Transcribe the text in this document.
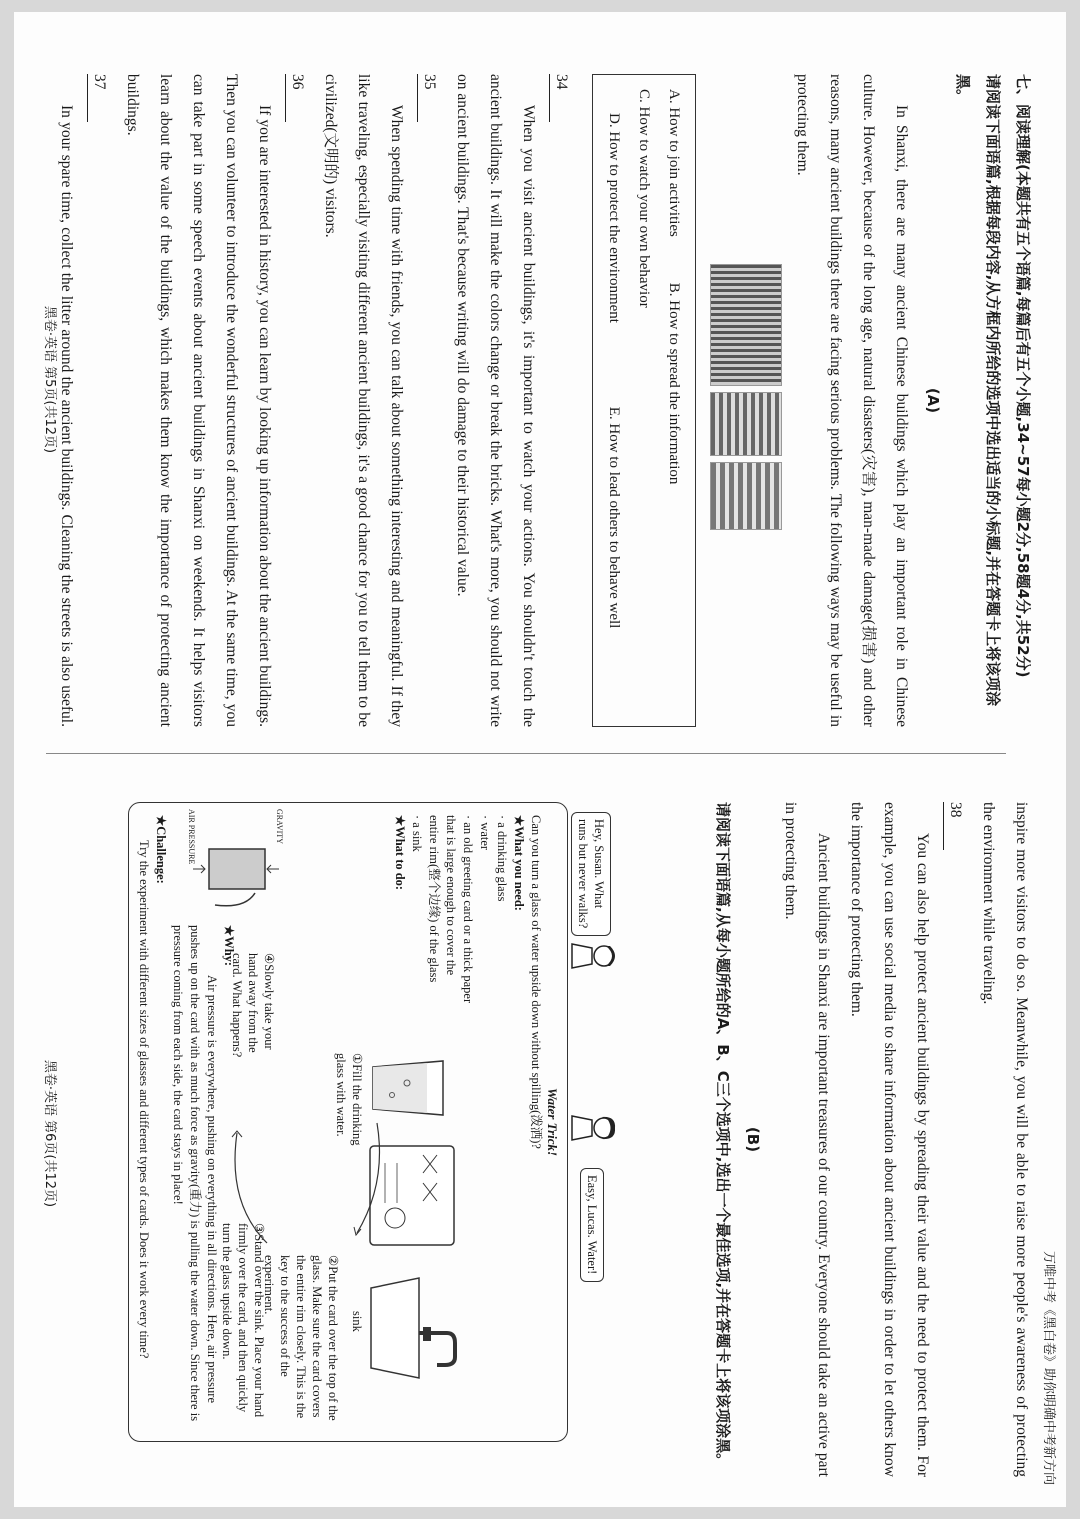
万唯中考《黑白卷》助你明确中考新方向
七、阅读理解(本题共有五个语篇,每篇后有五个小题,34~57每小题2分,58题4分,共52分)
请阅读下面语篇,根据每段内容,从方框内所给的选项中选出适当的小标题,并在答题卡上将该项涂黑。
(A)

In Shanxi, there are many ancient Chinese buildings which play an important role in Chinese culture. However, because of the long age, natural disasters(灾害), man-made damage(损害) and other reasons, many ancient buildings there are facing serious problems. The following ways may be useful in protecting them.

A. How to join activities B. How to spread the information C. How to watch your own behavior
D. How to protect the environment E. How to lead others to behave well
34

When you visit ancient buildings, it's important to watch your actions. You shouldn't touch the ancient buildings. It will make the colors change or break the bricks. What's more, you should not write on ancient buildings. That's because writing will do damage to their historical value.

35

When spending time with friends, you can talk about something interesting and meaningful. If they like traveling, especially visiting different ancient buildings, it's a good chance for you to tell them to be civilized(文明的) visitors.

36

If you are interested in history, you can learn by looking up information about the ancient buildings. Then you can volunteer to introduce the wonderful structures of ancient buildings. At the same time, you can take part in some speech events about ancient buildings in Shanxi on weekends. It helps visitors learn about the value of the buildings, which makes them know the importance of protecting ancient buildings.

37

In your spare time, collect the litter around the ancient buildings. Cleaning the streets is also useful.

inspire more visitors to do so. Meanwhile, you will be able to raise more people's awareness of protecting the environment while traveling.

38

You can also help protect ancient buildings by spreading their value and the need to protect them. For example, you can use social media to share information about ancient buildings in order to let others know the importance of protecting them.

Ancient buildings in Shanxi are important treasures of our country. Everyone should take an active part in protecting them.

(B)
请阅读下面语篇,从每小题所给的A、B、C三个选项中,选出一个最佳选项,并在答题卡上将该项涂黑。
Hey, Susan. What runs but never walks?
Easy, Lucas. Water!
Water Trick!
Can you turn a glass of water upside down without spilling(泼洒)?
★What you need:
· a drinking glass
· water
· an old greeting card or a thick paper that is large enough to cover the entire rim(整个边缘) of the glass
· a sink
★What to do:
sink
①Fill the drinking glass with water.
②Put the card over the top of the glass. Make sure the card covers the entire rim closely. This is the key to the success of the experiment.
③Stand over the sink. Place your hand firmly over the card, and then quickly turn the glass upside down.
④Slowly take your hand away from the card. What happens?
GRAVITY
AIR PRESSURE
★Why:
Air pressure is everywhere, pushing on everything in all directions. Here, air pressure pushes up on the card with as much force as gravity(重力) is pulling the water down. Since there is pressure coming from each side, the card stays in place!
★Challenge:
Try the experiment with different sizes of glasses and different types of cards. Does it work every time?
黑卷·英语 第5页(共12页)
黑卷·英语 第6页(共12页)
